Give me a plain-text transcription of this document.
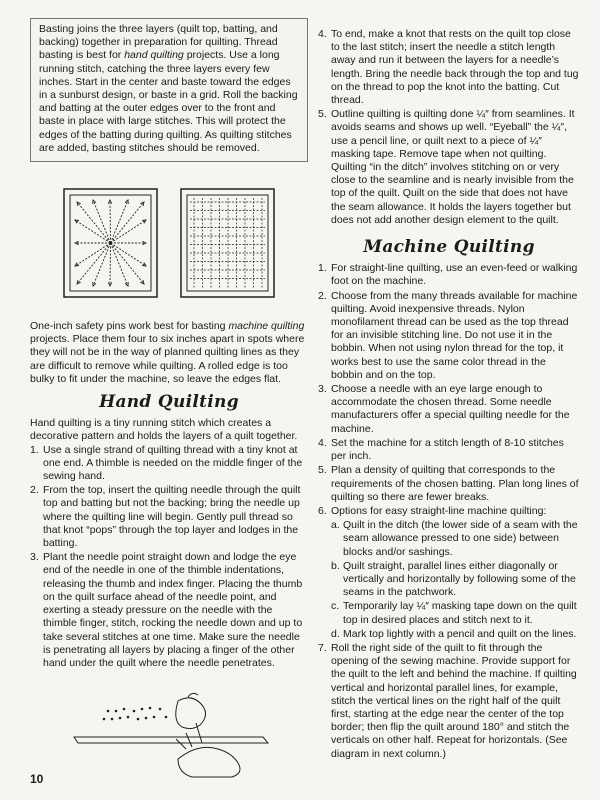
Basting joins the three layers (quilt top, batting, and backing) together in preparation for quilting. Thread basting is best for hand quilting projects. Use a long running stitch, catching the three layers every few inches. Start in the center and baste toward the edges in a sunburst design, or baste in a grid. Roll the backing and batting at the outer edges over to the front and baste in place with large stitches. This will protect the edges of the batting during quilting. As quilting stitches are added, basting stitches should be removed.

One-inch safety pins work best for basting machine quilting projects. Place them four to six inches apart in spots where they will not be in the way of planned quilting lines as they are difficult to remove while quilting. A rolled edge is too bulky to fit under the machine, so leave the edges flat.

Hand Quilting

Hand quilting is a tiny running stitch which creates a decorative pattern and holds the layers of a quilt together.

1. Use a single strand of quilting thread with a tiny knot at one end. A thimble is needed on the middle finger of the sewing hand.
2. From the top, insert the quilting needle through the quilt top and batting but not the backing; bring the needle up where the quilting line will begin. Gently pull thread so that knot “pops” through the top layer and lodges in the batting.
3. Plant the needle point straight down and lodge the eye end of the needle in one of the thimble indentations, releasing the thumb and index finger. Placing the thumb on the quilt surface ahead of the needle point, and exerting a steady pressure on the needle with the thimble finger, stitch, rocking the needle down and up to take several stitches at one time. Make sure the needle is penetrating all layers by placing a finger of the other hand under the quilt where the needle penetrates.
4. To end, make a knot that rests on the quilt top close to the last stitch; insert the needle a stitch length away and run it between the layers for a needle’s length. Bring the needle back through the top and tug on the thread to pop the knot into the batting. Cut thread.
5. Outline quilting is quilting done ¼″ from seamlines. It avoids seams and shows up well. “Eyeball” the ¼″, use a pencil line, or quilt next to a piece of ¼″ masking tape. Remove tape when not quilting. Quilting “in the ditch” involves stitching on or very close to the seamline and is nearly invisible from the top of the quilt. Quilt on the side that does not have the seam allowance. It holds the layers together but does not add another design element to the quilt.
Machine Quilting
1. For straight-line quilting, use an even-feed or walking foot on the machine.
2. Choose from the many threads available for machine quilting. Avoid inexpensive threads. Nylon monofilament thread can be used as the top thread for an invisible stitching line. Do not use it in the bobbin. When not using nylon thread for the top, it works best to use the same color thread in the bobbin and on the top.
3. Choose a needle with an eye large enough to accommodate the chosen thread. Some needle manufacturers offer a special quilting needle for the machine.
4. Set the machine for a stitch length of 8-10 stitches per inch.
5. Plan a density of quilting that corresponds to the requirements of the chosen batting. Plan long lines of quilting so there are fewer breaks.
6. Options for easy straight-line machine quilting:
a. Quilt in the ditch (the lower side of a seam with the seam allowance pressed to one side) between blocks and/or sashings.
b. Quilt straight, parallel lines either diagonally or vertically and horizontally by following some of the seams in the patchwork.
c. Temporarily lay ¼″ masking tape down on the quilt top in desired places and stitch next to it.
d. Mark top lightly with a pencil and quilt on the lines.
7. Roll the right side of the quilt to fit through the opening of the sewing machine. Provide support for the quilt to the left and behind the machine. If quilting vertical and horizontal parallel lines, for example, stitch the vertical lines on the right half of the quilt first, starting at the edge near the center of the top border; then flip the quilt around 180° and stitch the verticals on other half. Repeat for horizontals. (See diagram in next column.)
10
